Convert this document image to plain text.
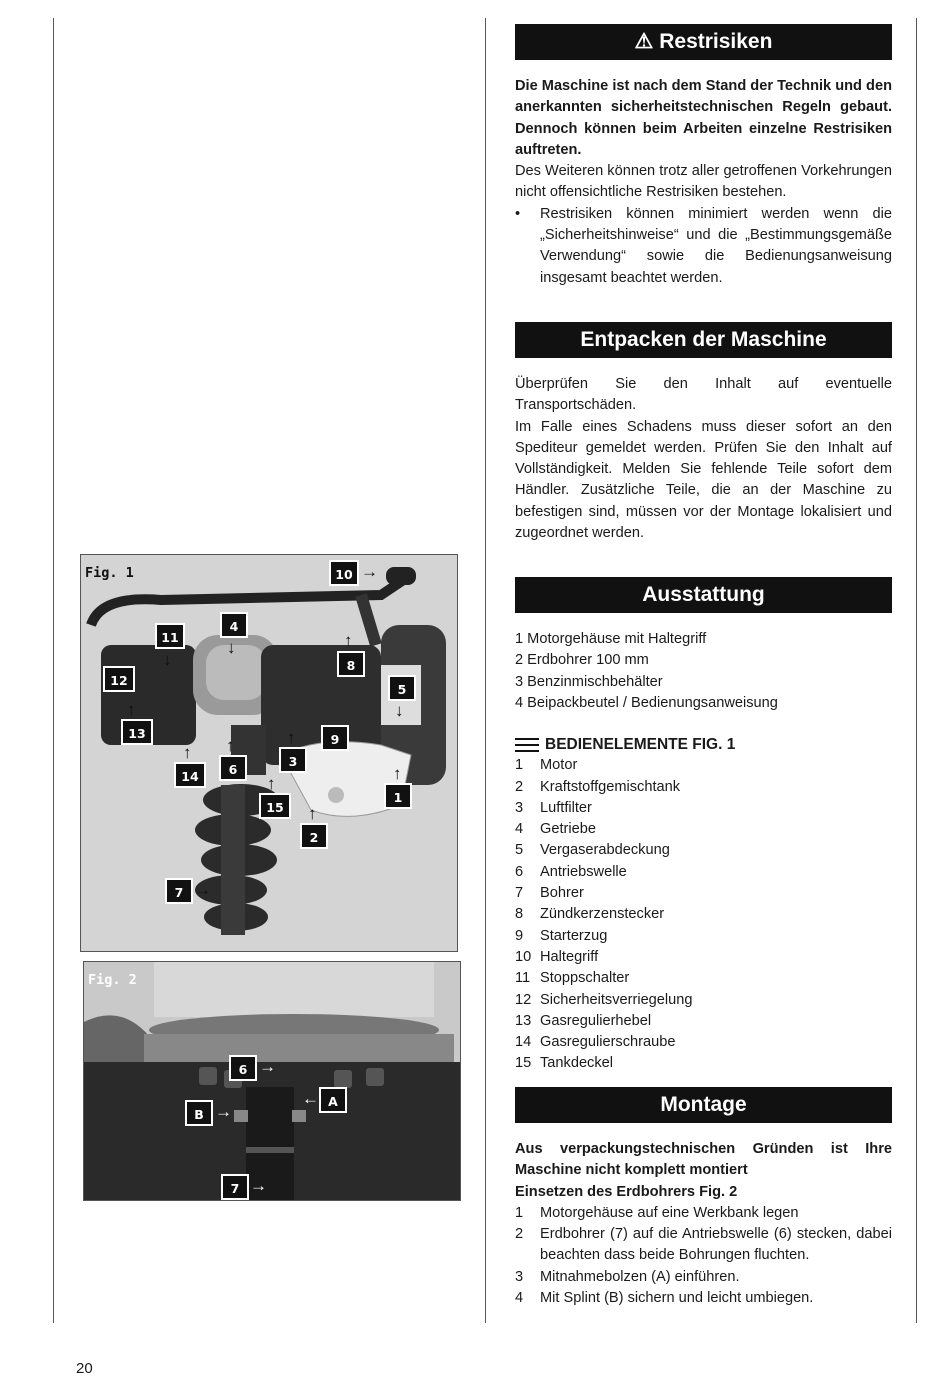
Fig. 1	10 →
11
↓
4
↓	↑
8
12
5
↓
↑
13	9
↑
3
↑
14
↑
6	↑
1
↑
15	↑
2
7 →
Fig. 2
6 →
← A
B →
7 →
⚠ Restrisiken
Die Maschine ist nach dem Stand der Technik und den anerkannten sicherheitstechnischen Regeln gebaut. Dennoch können beim Arbeiten einzelne Restrisiken auftreten.
Des Weiteren können trotz aller getroffenen Vorkehrungen nicht offensichtliche Restrisiken bestehen.
•	Restrisiken können minimiert werden wenn die „Sicherheitshinweise“ und die „Bestimmungsgemäße Verwendung“ sowie die Bedienungsanweisung insgesamt beachtet werden.
Entpacken der Maschine
Überprüfen Sie den Inhalt auf eventuelle Transportschäden.
Im Falle eines Schadens muss dieser sofort an den Spediteur gemeldet werden. Prüfen Sie den Inhalt auf Vollständigkeit. Melden Sie fehlende Teile sofort dem Händler. Zusätzliche Teile, die an der Maschine zu befestigen sind, müssen vor der Montage lokalisiert und zugeordnet werden.
Ausstattung
1 Motorgehäuse mit Haltegriff
2 Erdbohrer 100 mm
3 Benzinmischbehälter
4 Beipackbeutel / Bedienungsanweisung
BEDIENELEMENTE FIG. 1
1	Motor
2	Kraftstoffgemischtank
3	Luftfilter
4	Getriebe
5	Vergaserabdeckung
6	Antriebswelle
7	Bohrer
8	Zündkerzenstecker
9	Starterzug
10 Haltegriff
11 Stoppschalter
12 Sicherheitsverriegelung
13 Gasregulierhebel
14 Gasregulierschraube
15 Tankdeckel
Montage
Aus verpackungstechnischen Gründen ist Ihre Maschine nicht komplett montiert
Einsetzen des Erdbohrers Fig. 2
1	Motorgehäuse auf eine Werkbank legen
2	Erdbohrer (7) auf die Antriebswelle (6) stecken, dabei beachten dass beide Bohrungen fluchten.
3	Mitnahmebolzen (A) einführen.
4	Mit Splint (B) sichern und leicht umbiegen.
20
